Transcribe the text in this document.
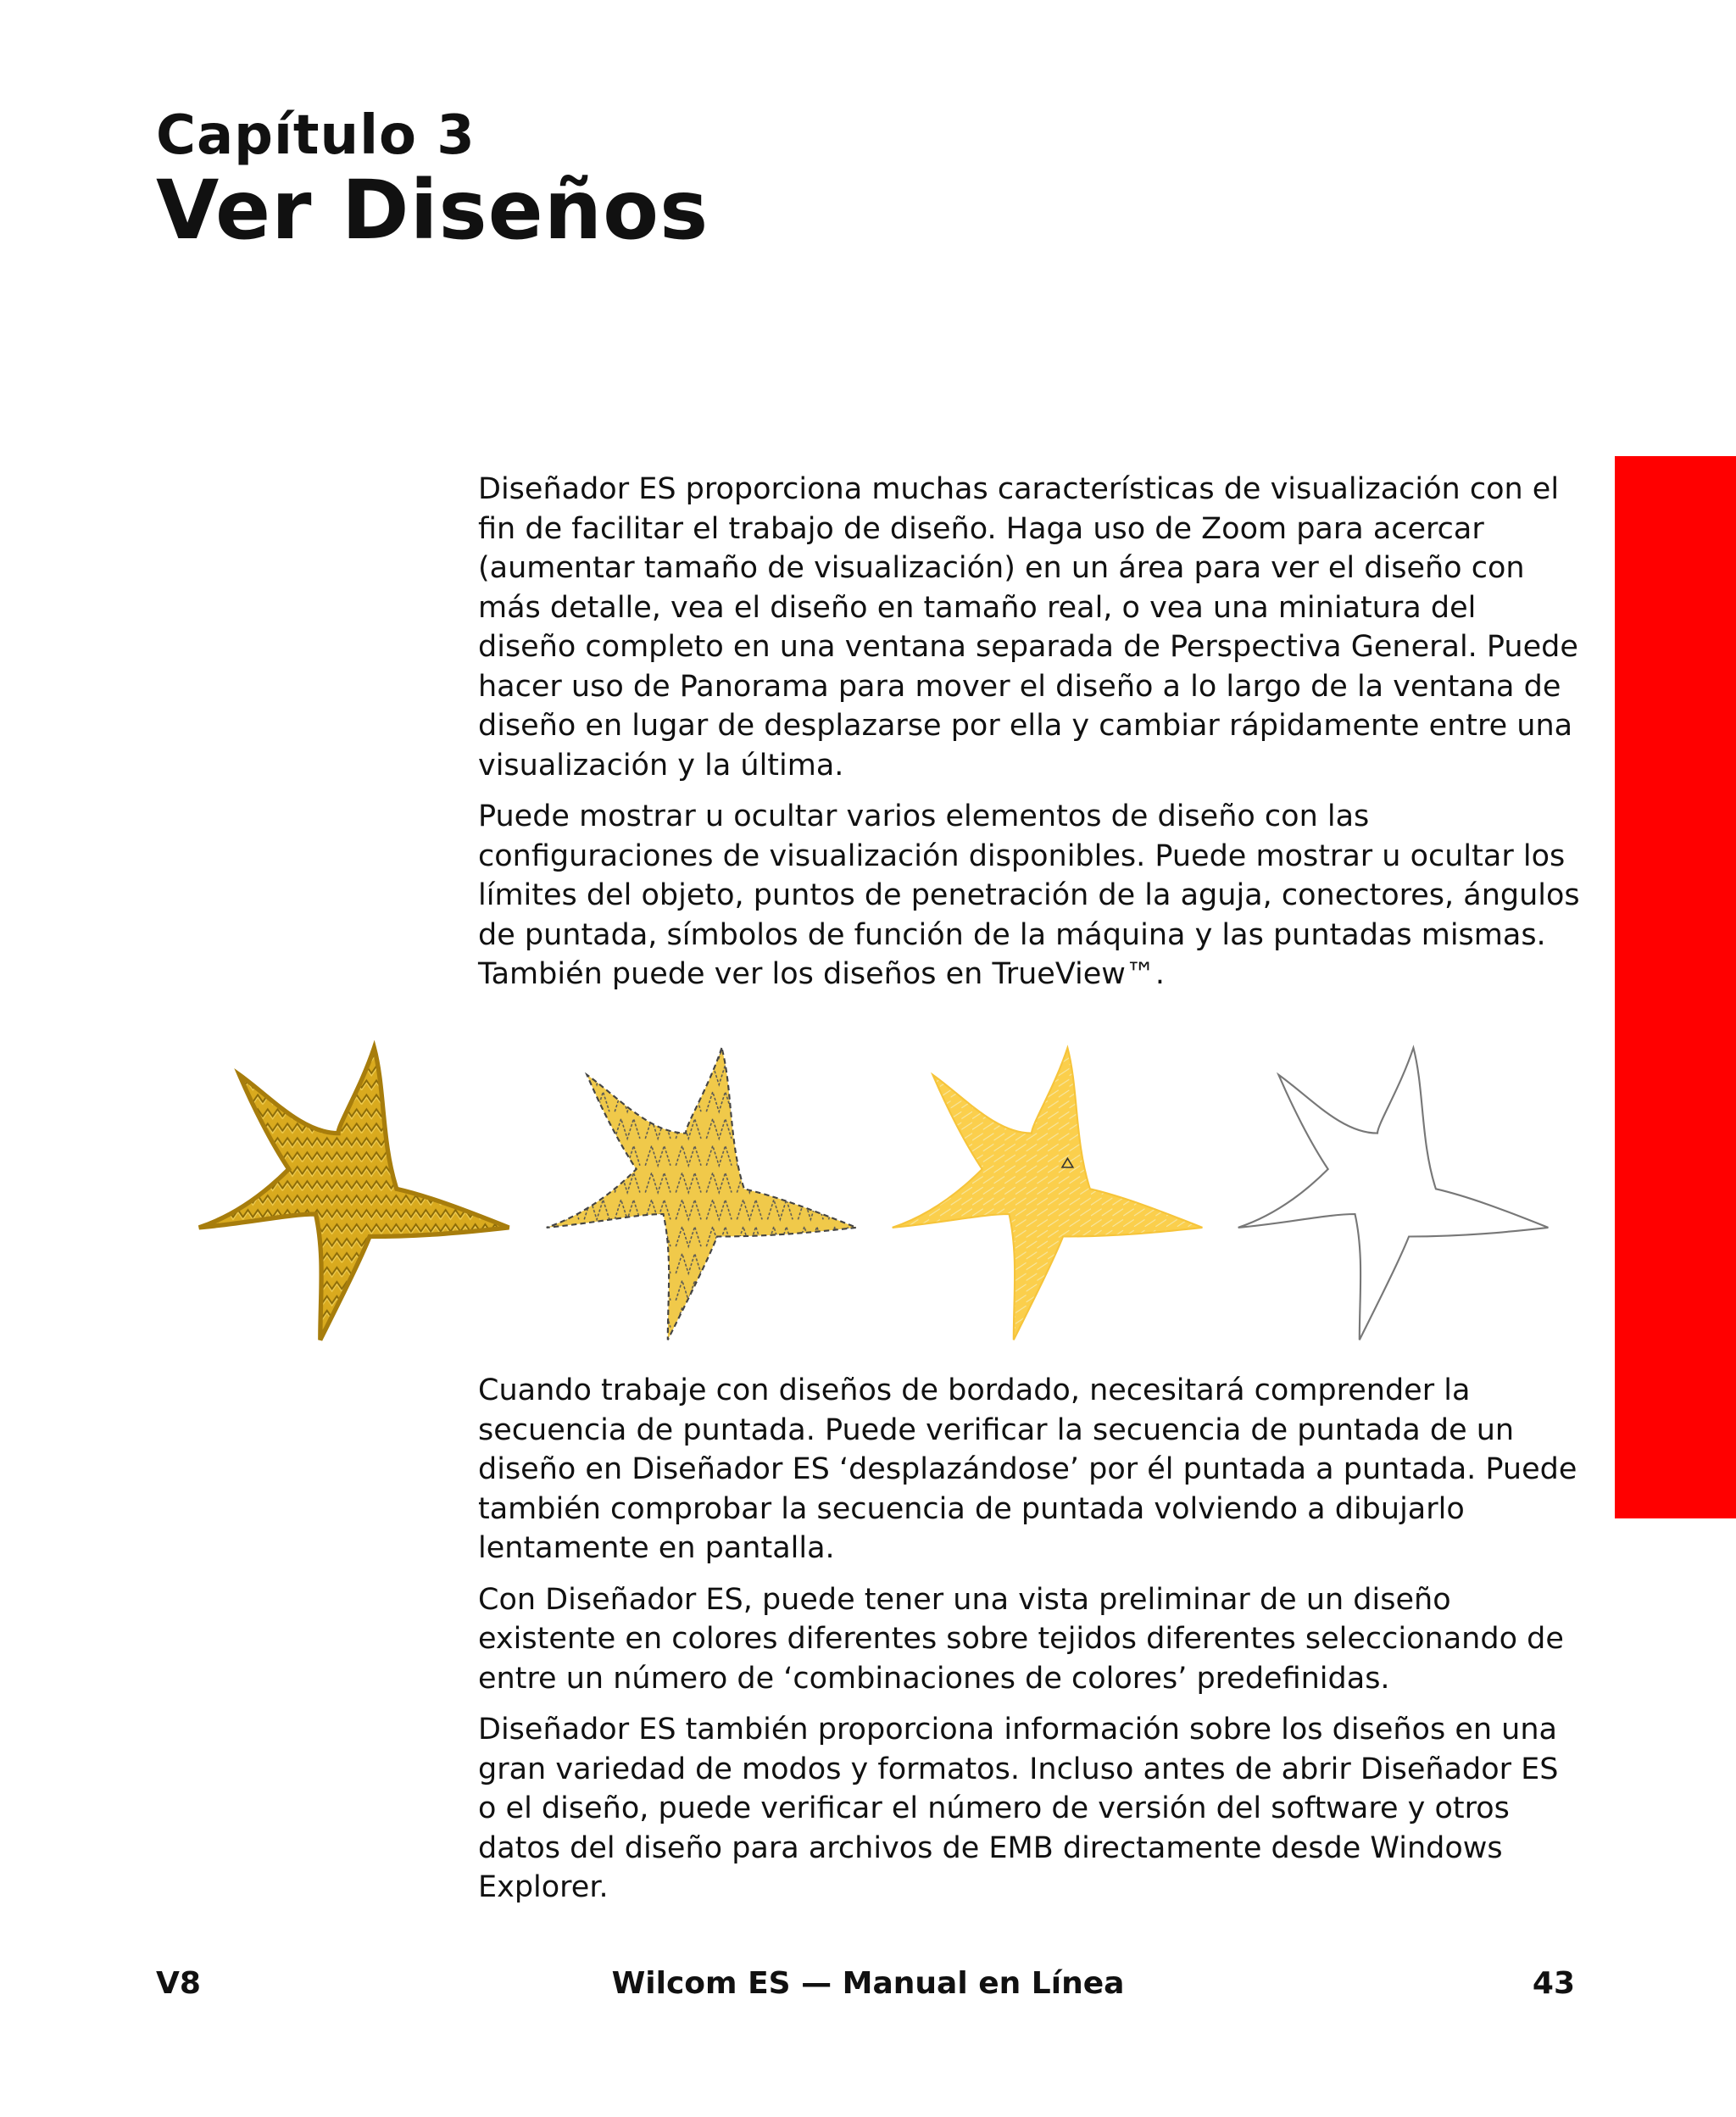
Capítulo 3
Ver Diseños

Diseñador ES proporciona muchas características de visualización con el fin de facilitar el trabajo de diseño. Haga uso de Zoom para acercar (aumentar tamaño de visualización) en un área para ver el diseño con más detalle, vea el diseño en tamaño real, o vea una miniatura del diseño completo en una ventana separada de Perspectiva General. Puede hacer uso de Panorama para mover el diseño a lo largo de la ventana de diseño en lugar de desplazarse por ella y cambiar rápidamente entre una visualización y la última.

Puede mostrar u ocultar varios elementos de diseño con las configuraciones de visualización disponibles. Puede mostrar u ocultar los límites del objeto, puntos de penetración de la aguja, conectores, ángulos de puntada, símbolos de función de la máquina y las puntadas mismas. También puede ver los diseños en TrueView™.

Cuando trabaje con diseños de bordado, necesitará comprender la secuencia de puntada. Puede verificar la secuencia de puntada de un diseño en Diseñador ES ‘desplazándose’ por él puntada a puntada. Puede también comprobar la secuencia de puntada volviendo a dibujarlo lentamente en pantalla.

Con Diseñador ES, puede tener una vista preliminar de un diseño existente en colores diferentes sobre tejidos diferentes seleccionando de entre un número de ‘combinaciones de colores’ predefinidas.

Diseñador ES también proporciona información sobre los diseños en una gran variedad de modos y formatos. Incluso antes de abrir Diseñador ES o el diseño, puede verificar el número de versión del software y otros datos del diseño para archivos de EMB directamente desde Windows Explorer.

V8	Wilcom ES — Manual en Línea	43
